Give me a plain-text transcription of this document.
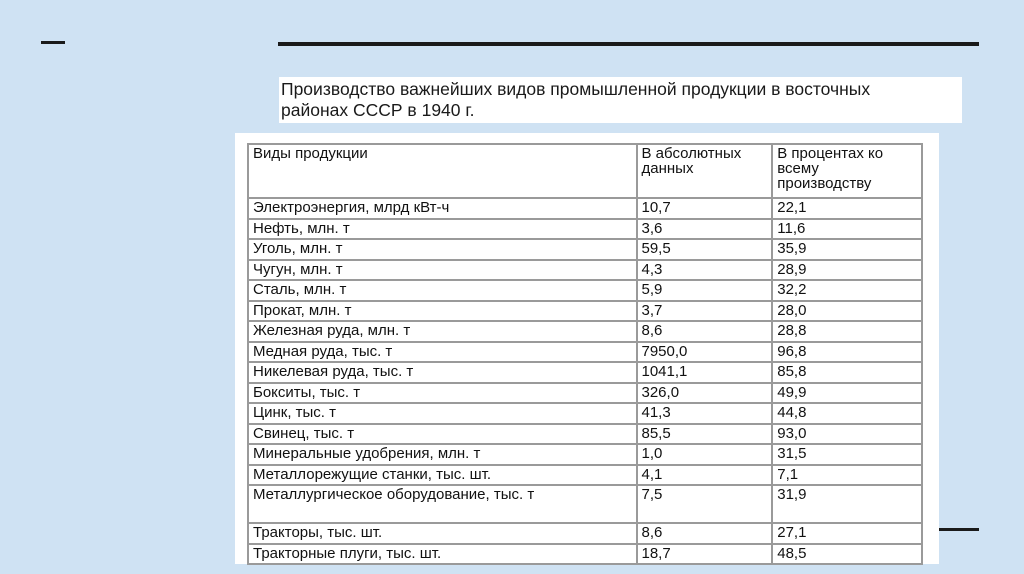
Производство важнейших видов промышленной продукции в восточных
районах СССР в 1940 г.
Виды продукции	В абсолютных данных	В процентах ко всему производству
Электроэнергия, млрд кВт-ч	10,7	22,1
Нефть, млн. т	3,6	11,6
Уголь, млн. т	59,5	35,9
Чугун, млн. т	4,3	28,9
Сталь, млн. т	5,9	32,2
Прокат, млн. т	3,7	28,0
Железная руда, млн. т	8,6	28,8
Медная руда, тыс. т	7950,0	96,8
Никелевая руда, тыс. т	1041,1	85,8
Бокситы, тыс. т	326,0	49,9
Цинк, тыс. т	41,3	44,8
Свинец, тыс. т	85,5	93,0
Минеральные удобрения, млн. т	1,0	31,5
Металлорежущие станки, тыс. шт.	4,1	7,1
Металлургическое оборудование, тыс. т	7,5	31,9
Тракторы, тыс. шт.	8,6	27,1
Тракторные плуги, тыс. шт.	18,7	48,5
